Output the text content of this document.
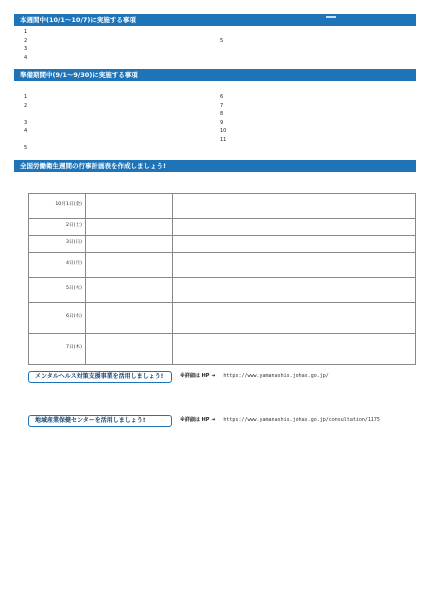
本週間中(10/1〜10/7)に実施する事項
1
2
3
4
5
準備期間中(9/1〜9/30)に実施する事項
1
2
3
4
5
6
7
8
9
10
11
全国労働衛生週間の行事計画表を作成しましょう!
10月1日(金)		
2日(土)		
3日(日)		
4日(月)		
5日(火)		
6日(水)		
7日(木)		
メンタルヘルス対策支援事業を活用しましょう!	※詳細は HP ➜ https://www.yamanashis.johas.go.jp/
地域産業保健センターを活用しましょう!	※詳細は HP ➜ https://www.yamanashis.johas.go.jp/consultation/1175
